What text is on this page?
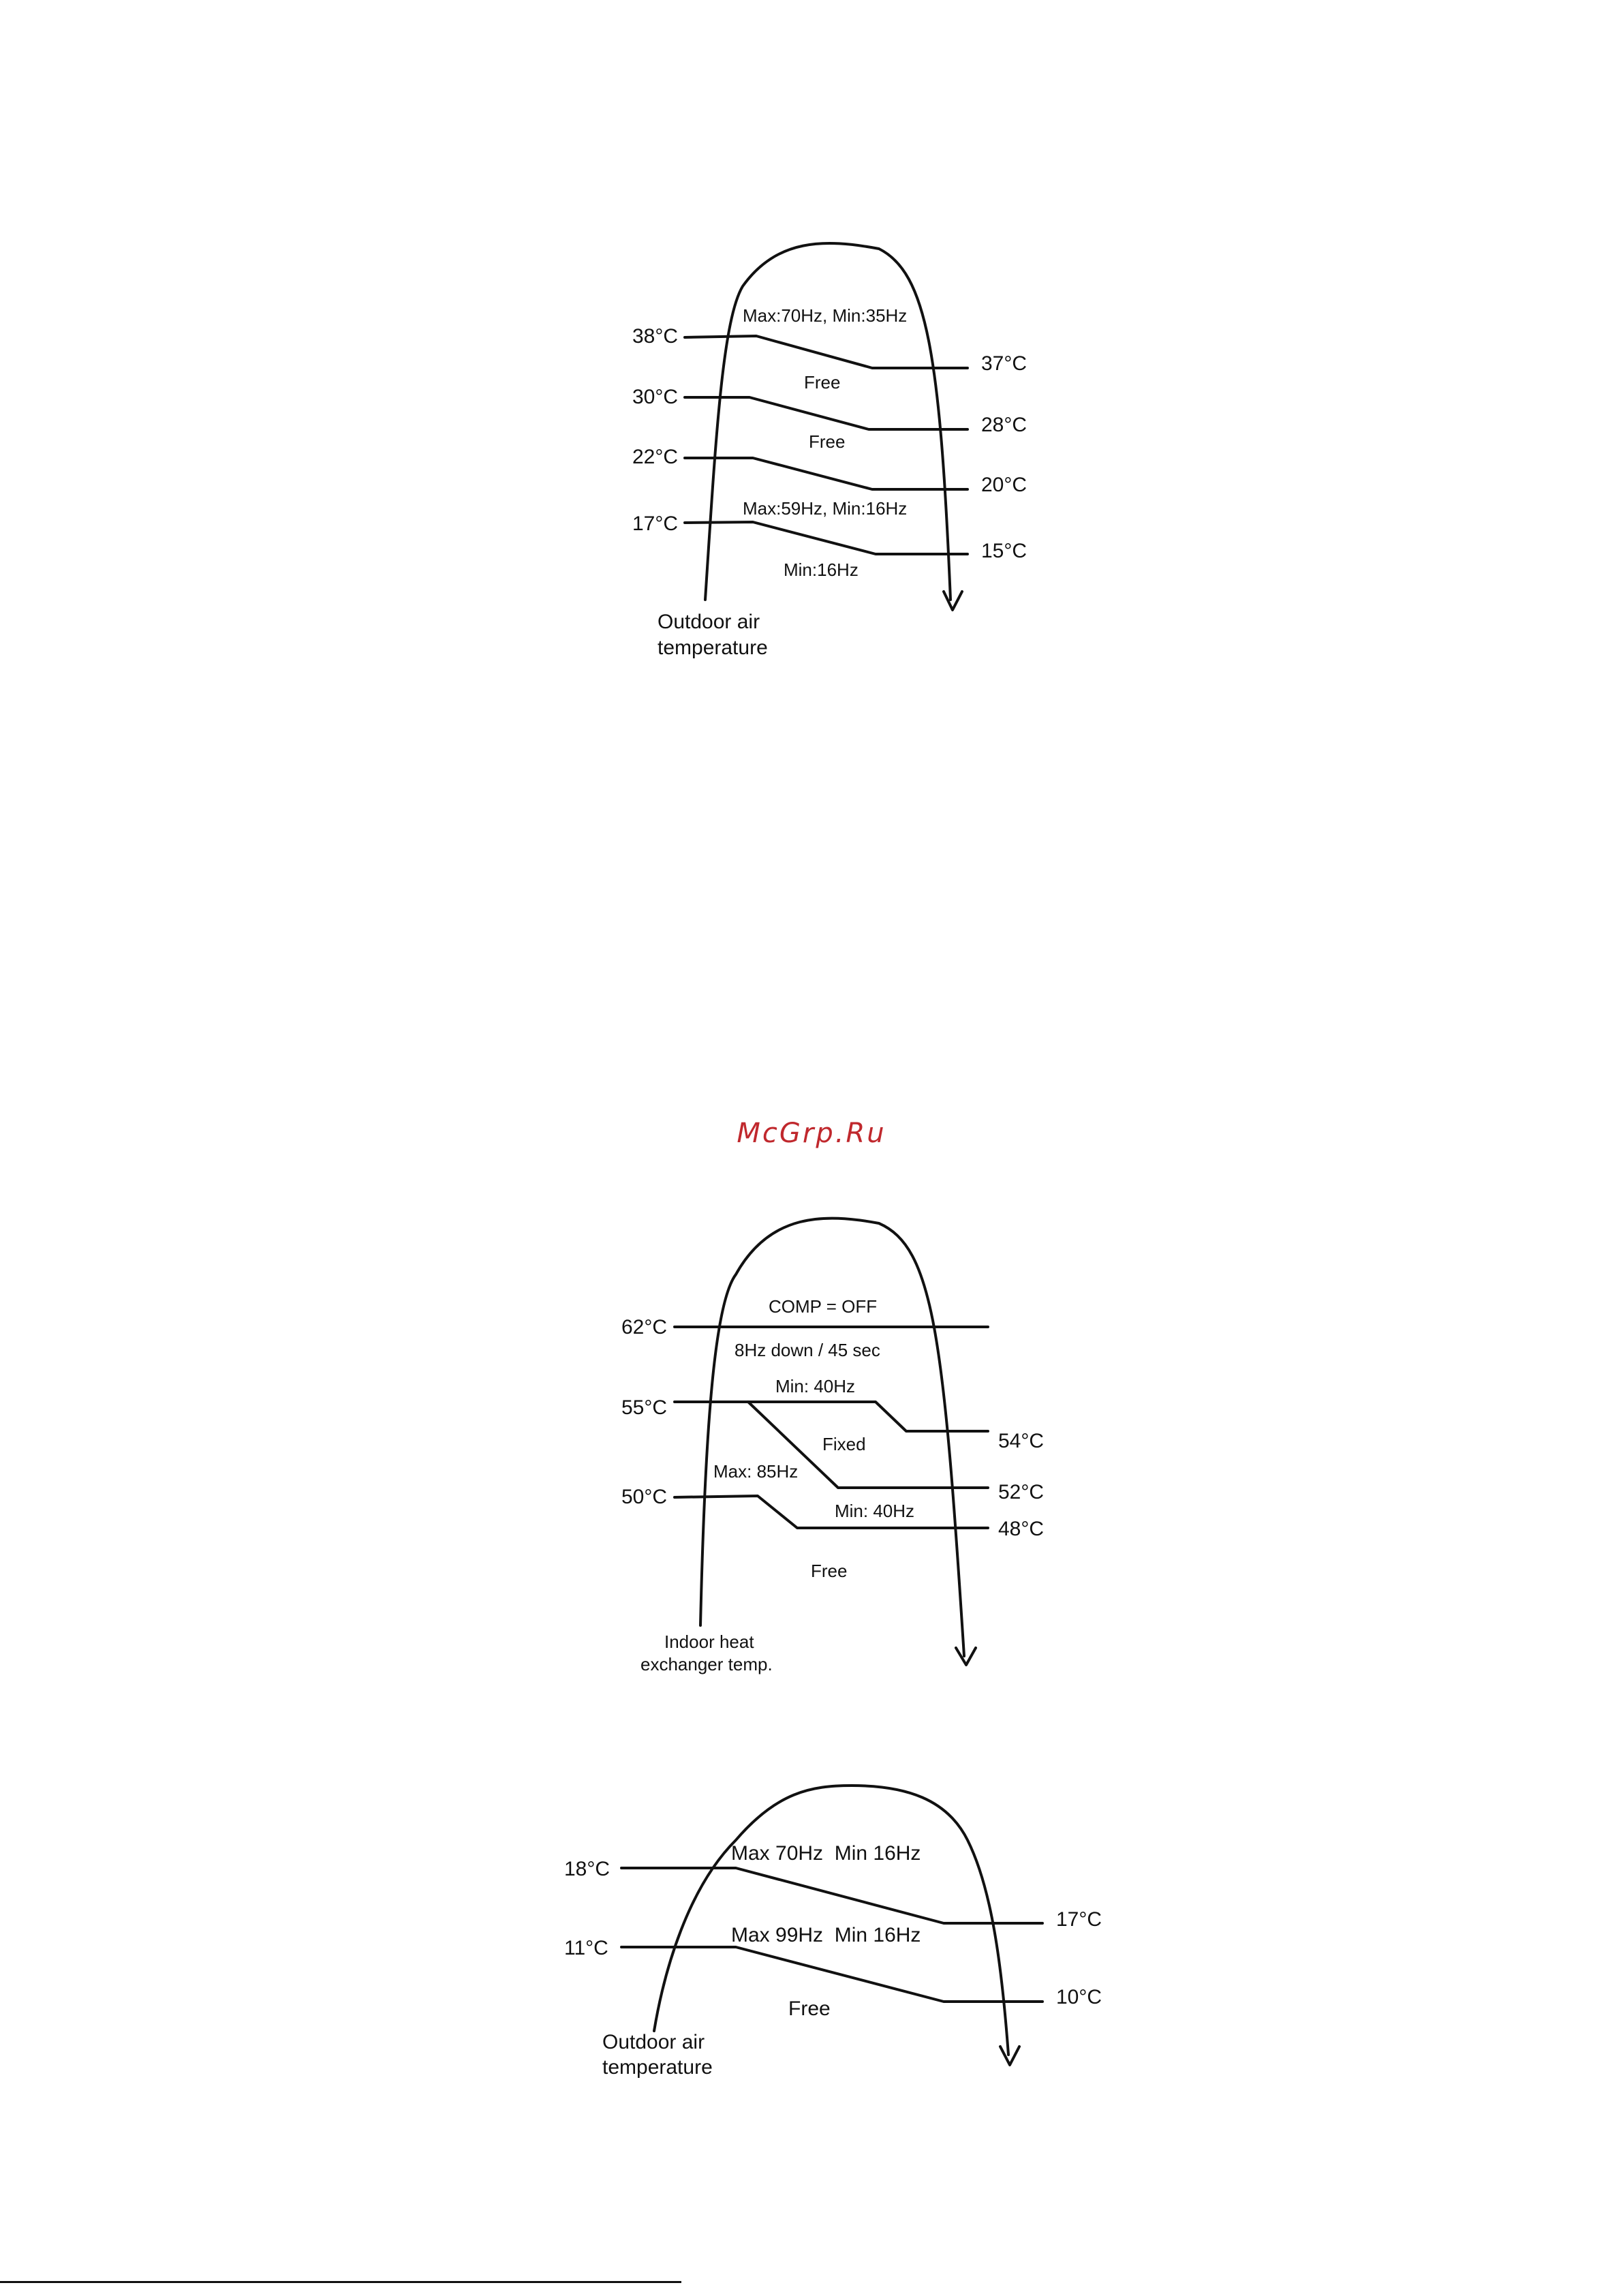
38°C
30°C
22°C
17°C
37°C
28°C
20°C
15°C
Max:70Hz, Min:35Hz
Free
Free
Max:59Hz, Min:16Hz
Min:16Hz
Outdoor air
temperature
62°C
55°C
50°C
54°C
52°C
48°C
COMP = OFF
8Hz down / 45 sec
Min: 40Hz
Fixed
Max: 85Hz
Min: 40Hz
Free
Indoor heat
exchanger temp.
18°C
11°C
17°C
10°C
Max 70Hz  Min 16Hz
Max 99Hz  Min 16Hz
Free
Outdoor air
temperature
McGrp.Ru
